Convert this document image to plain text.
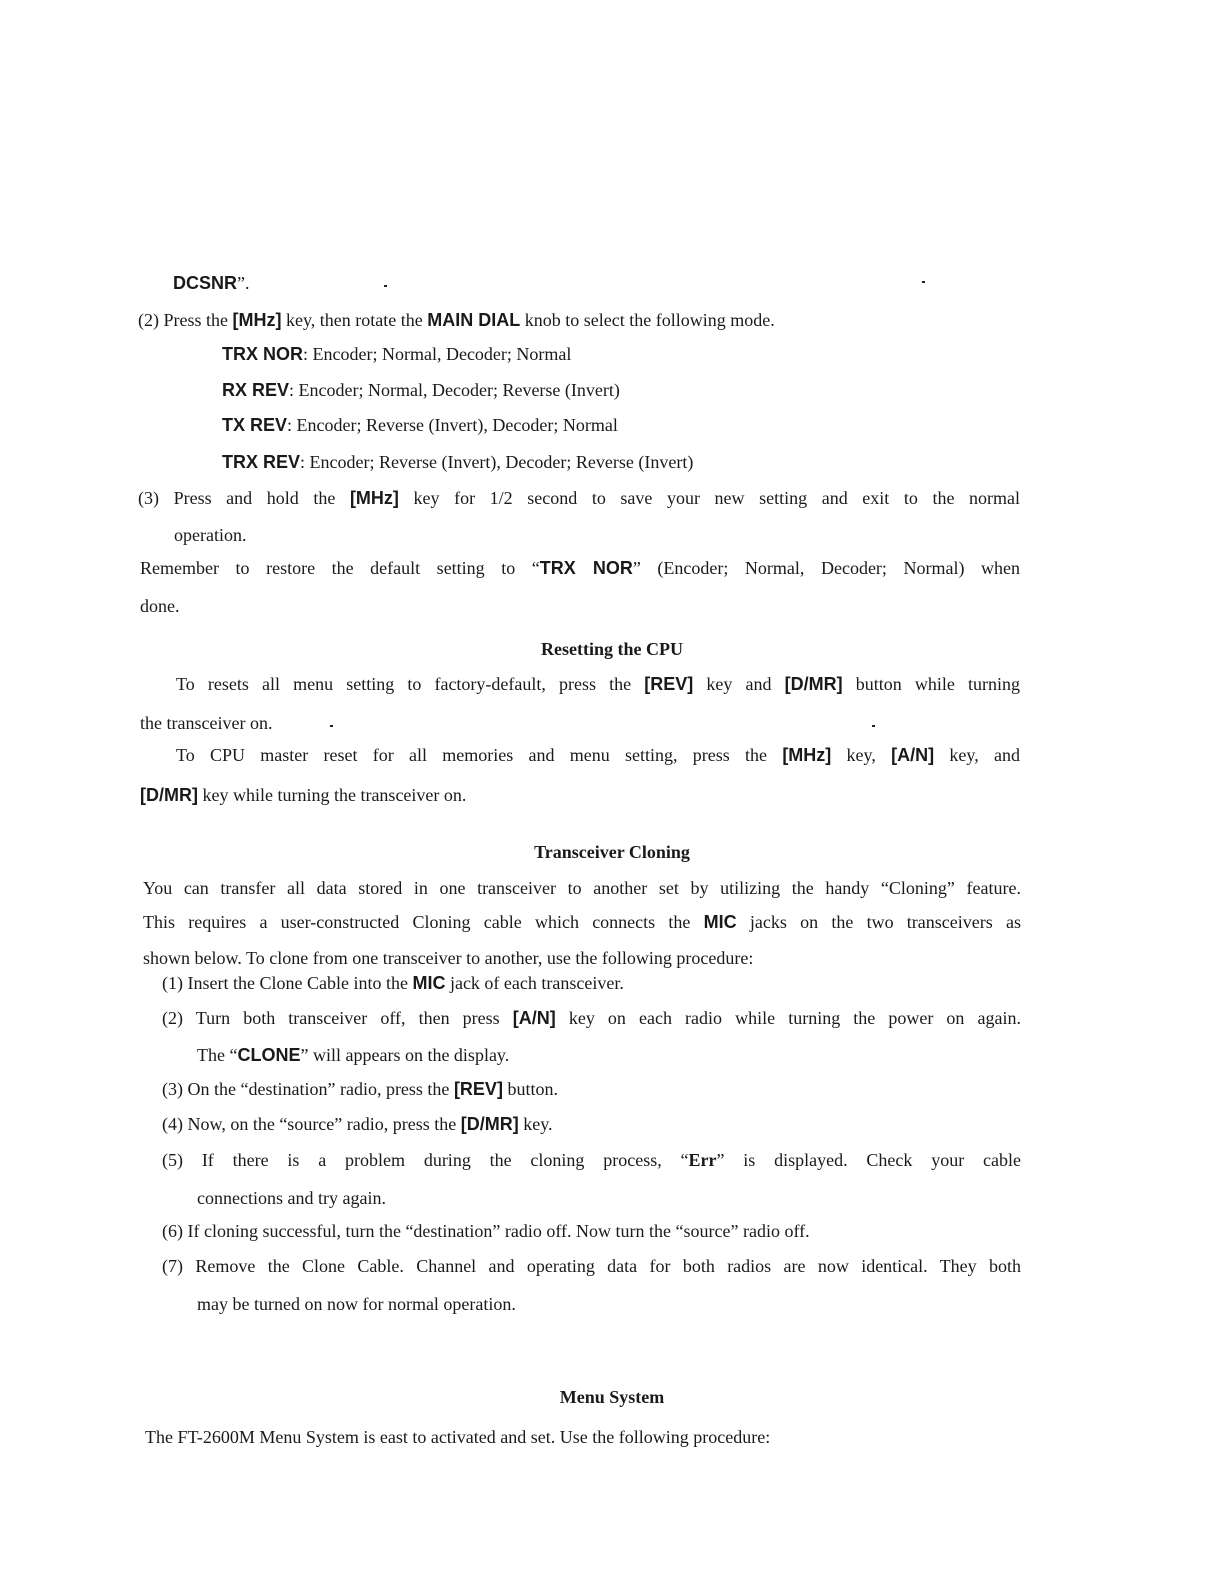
DCSNR”.
(2) Press the [MHz] key, then rotate the MAIN DIAL knob to select the following mode.
TRX NOR: Encoder; Normal, Decoder; Normal
RX REV: Encoder; Normal, Decoder; Reverse (Invert)
TX REV: Encoder; Reverse (Invert), Decoder; Normal
TRX REV: Encoder; Reverse (Invert), Decoder; Reverse (Invert)
(3) Press and hold the [MHz] key for 1/2 second to save your new setting and exit to the normal
operation.
Remember to restore the default setting to “TRX NOR” (Encoder; Normal, Decoder; Normal) when
done.
Resetting the CPU
To resets all menu setting to factory-default, press the [REV] key and [D/MR] button while turning
the transceiver on.
To CPU master reset for all memories and menu setting, press the [MHz] key, [A/N] key, and
[D/MR] key while turning the transceiver on.
Transceiver Cloning
You can transfer all data stored in one transceiver to another set by utilizing the handy “Cloning” feature.
This requires a user-constructed Cloning cable which connects the MIC jacks on the two transceivers as
shown below. To clone from one transceiver to another, use the following procedure:
(1) Insert the Clone Cable into the MIC jack of each transceiver.
(2) Turn both transceiver off, then press [A/N] key on each radio while turning the power on again.
The “CLONE” will appears on the display.
(3) On the “destination” radio, press the [REV] button.
(4) Now, on the “source” radio, press the [D/MR] key.
(5) If there is a problem during the cloning process, “Err” is displayed. Check your cable
connections and try again.
(6) If cloning successful, turn the “destination” radio off. Now turn the “source” radio off.
(7) Remove the Clone Cable. Channel and operating data for both radios are now identical. They both
may be turned on now for normal operation.
Menu System
The FT-2600M Menu System is east to activated and set. Use the following procedure:
